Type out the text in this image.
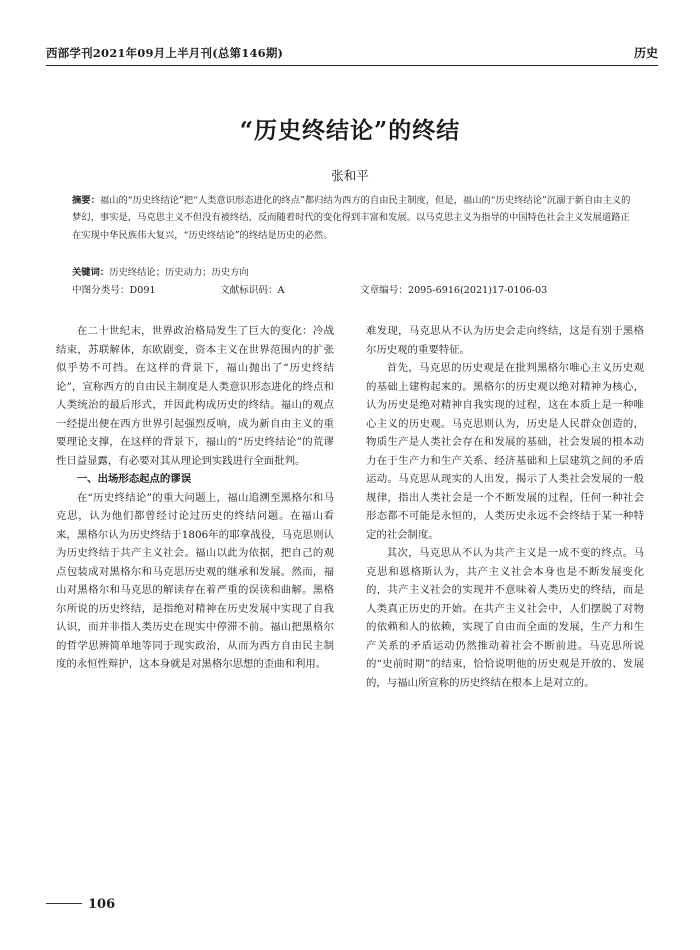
西部学刊2021年09月上半月刊(总第146期)	历史
“历史终结论”的终结
张和平
摘要：福山的“历史终结论”把“人类意识形态进化的终点”都归结为西方的自由民主制度，但是，福山的“历史终结论”沉溺于新自由主义的梦幻，事实是，马克思主义不但没有被终结，反而随着时代的变化得到丰富和发展。以马克思主义为指导的中国特色社会主义发展道路正在实现中华民族伟大复兴，“历史终结论”的终结是历史的必然。
关键词：历史终结论；历史动力；历史方向
中图分类号：D091	文献标识码：A	文章编号：2095-6916(2021)17-0106-03

在二十世纪末，世界政治格局发生了巨大的变化：冷战结束，苏联解体，东欧剧变，资本主义在世界范围内的扩张似乎势不可挡。在这样的背景下，福山抛出了“历史终结论”，宣称西方的自由民主制度是人类意识形态进化的终点和人类统治的最后形式，并因此构成历史的终结。福山的观点一经提出便在西方世界引起强烈反响，成为新自由主义的重要理论支撑，在这样的背景下，福山的“历史终结论”的荒谬性日益显露，有必要对其从理论到实践进行全面批判。

一、出场形态起点的谬误

在“历史终结论”的重大问题上，福山追溯至黑格尔和马克思，认为他们都曾经讨论过历史的终结问题。在福山看来，黑格尔认为历史终结于1806年的耶拿战役，马克思则认为历史终结于共产主义社会。福山以此为依据，把自己的观点包装成对黑格尔和马克思历史观的继承和发展。然而，福山对黑格尔和马克思的解读存在着严重的误读和曲解。黑格尔所说的历史终结，是指绝对精神在历史发展中实现了自我认识，而并非指人类历史在现实中停滞不前。福山把黑格尔的哲学思辨简单地等同于现实政治，从而为西方自由民主制度的永恒性辩护，这本身就是对黑格尔思想的歪曲和利用。

难发现，马克思从不认为历史会走向终结，这是有别于黑格尔历史观的重要特征。

首先，马克思的历史观是在批判黑格尔唯心主义历史观的基础上建构起来的。黑格尔的历史观以绝对精神为核心，认为历史是绝对精神自我实现的过程，这在本质上是一种唯心主义的历史观。马克思则认为，历史是人民群众创造的，物质生产是人类社会存在和发展的基础，社会发展的根本动力在于生产力和生产关系、经济基础和上层建筑之间的矛盾运动。马克思从现实的人出发，揭示了人类社会发展的一般规律，指出人类社会是一个不断发展的过程，任何一种社会形态都不可能是永恒的，人类历史永远不会终结于某一种特定的社会制度。

其次，马克思从不认为共产主义是一成不变的终点。马克思和恩格斯认为，共产主义社会本身也是不断发展变化的，共产主义社会的实现并不意味着人类历史的终结，而是人类真正历史的开始。在共产主义社会中，人们摆脱了对物的依赖和人的依赖，实现了自由而全面的发展，生产力和生产关系的矛盾运动仍然推动着社会不断前进。马克思所说的“史前时期”的结束，恰恰说明他的历史观是开放的、发展的，与福山所宣称的历史终结在根本上是对立的。

106
